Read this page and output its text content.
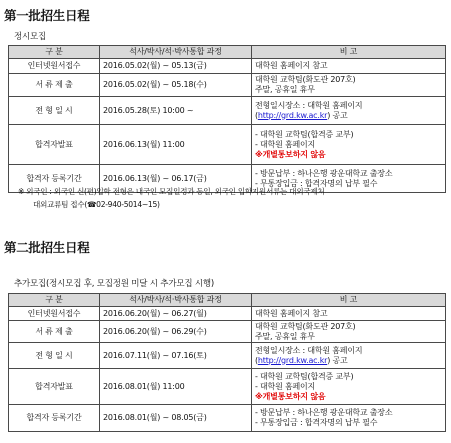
第一批招生日程
정시모집
구 분	석사/박사/석·박사통합 과정	비 고
인터넷원서접수	2016.05.02(월) ~ 05.13(금)	대학원 홈페이지 참고
서 류 제 출	2016.05.02(월) ~ 05.18(수)	대학원 교학팀(화도관 207호)
주말, 공휴일 휴무

전 형 일 시	2016.05.28(토) 10:00 ~	전형일시장소 : 대학원 홈페이지
(http://grd.kw.ac.kr) 공고

합격자발표	2016.06.13(월) 11:00	- 대학원 교학팀(합격증 교부)
- 대학원 홈페이지
※개별통보하지 않음

합격자 등록기간	2016.06.13(월) ~ 06.17(금)	- 방문납부 : 하나은행 광운대학교 출장소
- 무통장입금 : 합격자명의 납부 필수
※ 외국인 : 외국인 신(편)입학 전형은 내국인 모집일정과 동일, 외국인 입학지원서류는 대외국제처
대외교류팀 접수(☎02-940-5014~15)
第二批招生日程
추가모집(정시모집 후, 모집정원 미달 시 추가모집 시행)
구 분	석사/박사/석·박사통합 과정	비 고
인터넷원서접수	2016.06.20(월) ~ 06.27(월)	대학원 홈페이지 참고
서 류 제 출	2016.06.20(월) ~ 06.29(수)	대학원 교학팀(화도관 207호)
주말, 공휴일 휴무

전 형 일 시	2016.07.11(월) ~ 07.16(토)	전형일시장소 : 대학원 홈페이지
(http://grd.kw.ac.kr) 공고

합격자발표	2016.08.01(월) 11:00	- 대학원 교학팀(합격증 교부)
- 대학원 홈페이지
※개별통보하지 않음

합격자 등록기간	2016.08.01(월) ~ 08.05(금)	- 방문납부 : 하나은행 광운대학교 출장소
- 무통장입금 : 합격자명의 납부 필수
